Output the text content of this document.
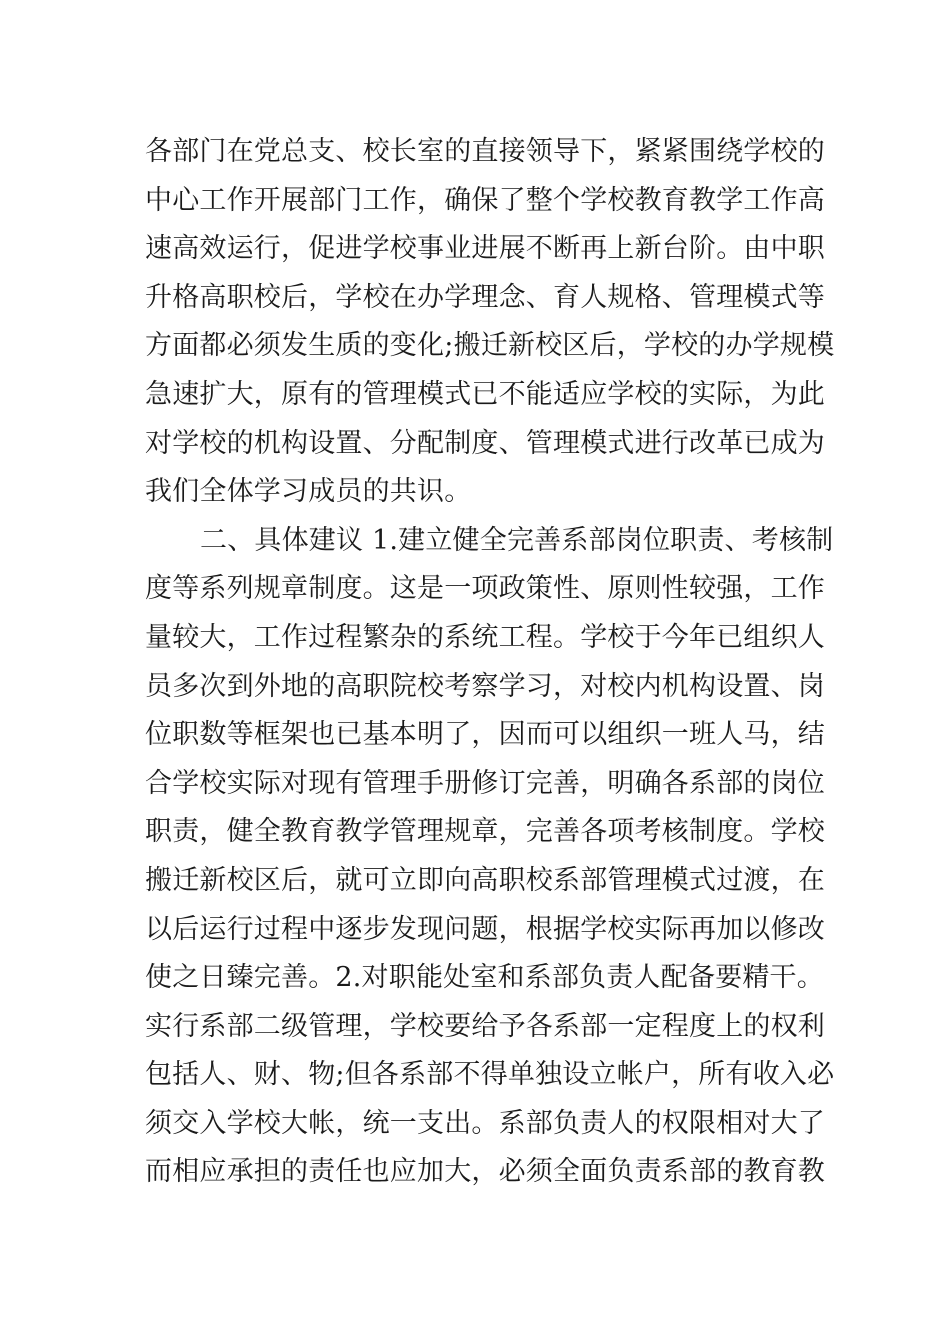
各部门在党总支、校长室的直接领导下，紧紧围绕学校的
中心工作开展部门工作，确保了整个学校教育教学工作高
速高效运行，促进学校事业进展不断再上新台阶。由中职
升格高职校后，学校在办学理念、育人规格、管理模式等
方面都必须发生质的变化;搬迁新校区后，学校的办学规模
急速扩大，原有的管理模式已不能适应学校的实际，为此
对学校的机构设置、分配制度、管理模式进行改革已成为
我们全体学习成员的共识。
二、具体建议 1.建立健全完善系部岗位职责、考核制
度等系列规章制度。这是一项政策性、原则性较强，工作
量较大，工作过程繁杂的系统工程。学校于今年已组织人
员多次到外地的高职院校考察学习，对校内机构设置、岗
位职数等框架也已基本明了，因而可以组织一班人马，结
合学校实际对现有管理手册修订完善，明确各系部的岗位
职责，健全教育教学管理规章，完善各项考核制度。学校
搬迁新校区后，就可立即向高职校系部管理模式过渡，在
以后运行过程中逐步发现问题，根据学校实际再加以修改
使之日臻完善。2.对职能处室和系部负责人配备要精干。
实行系部二级管理，学校要给予各系部一定程度上的权利
包括人、财、物;但各系部不得单独设立帐户，所有收入必
须交入学校大帐，统一支出。系部负责人的权限相对大了
而相应承担的责任也应加大，必须全面负责系部的教育教
